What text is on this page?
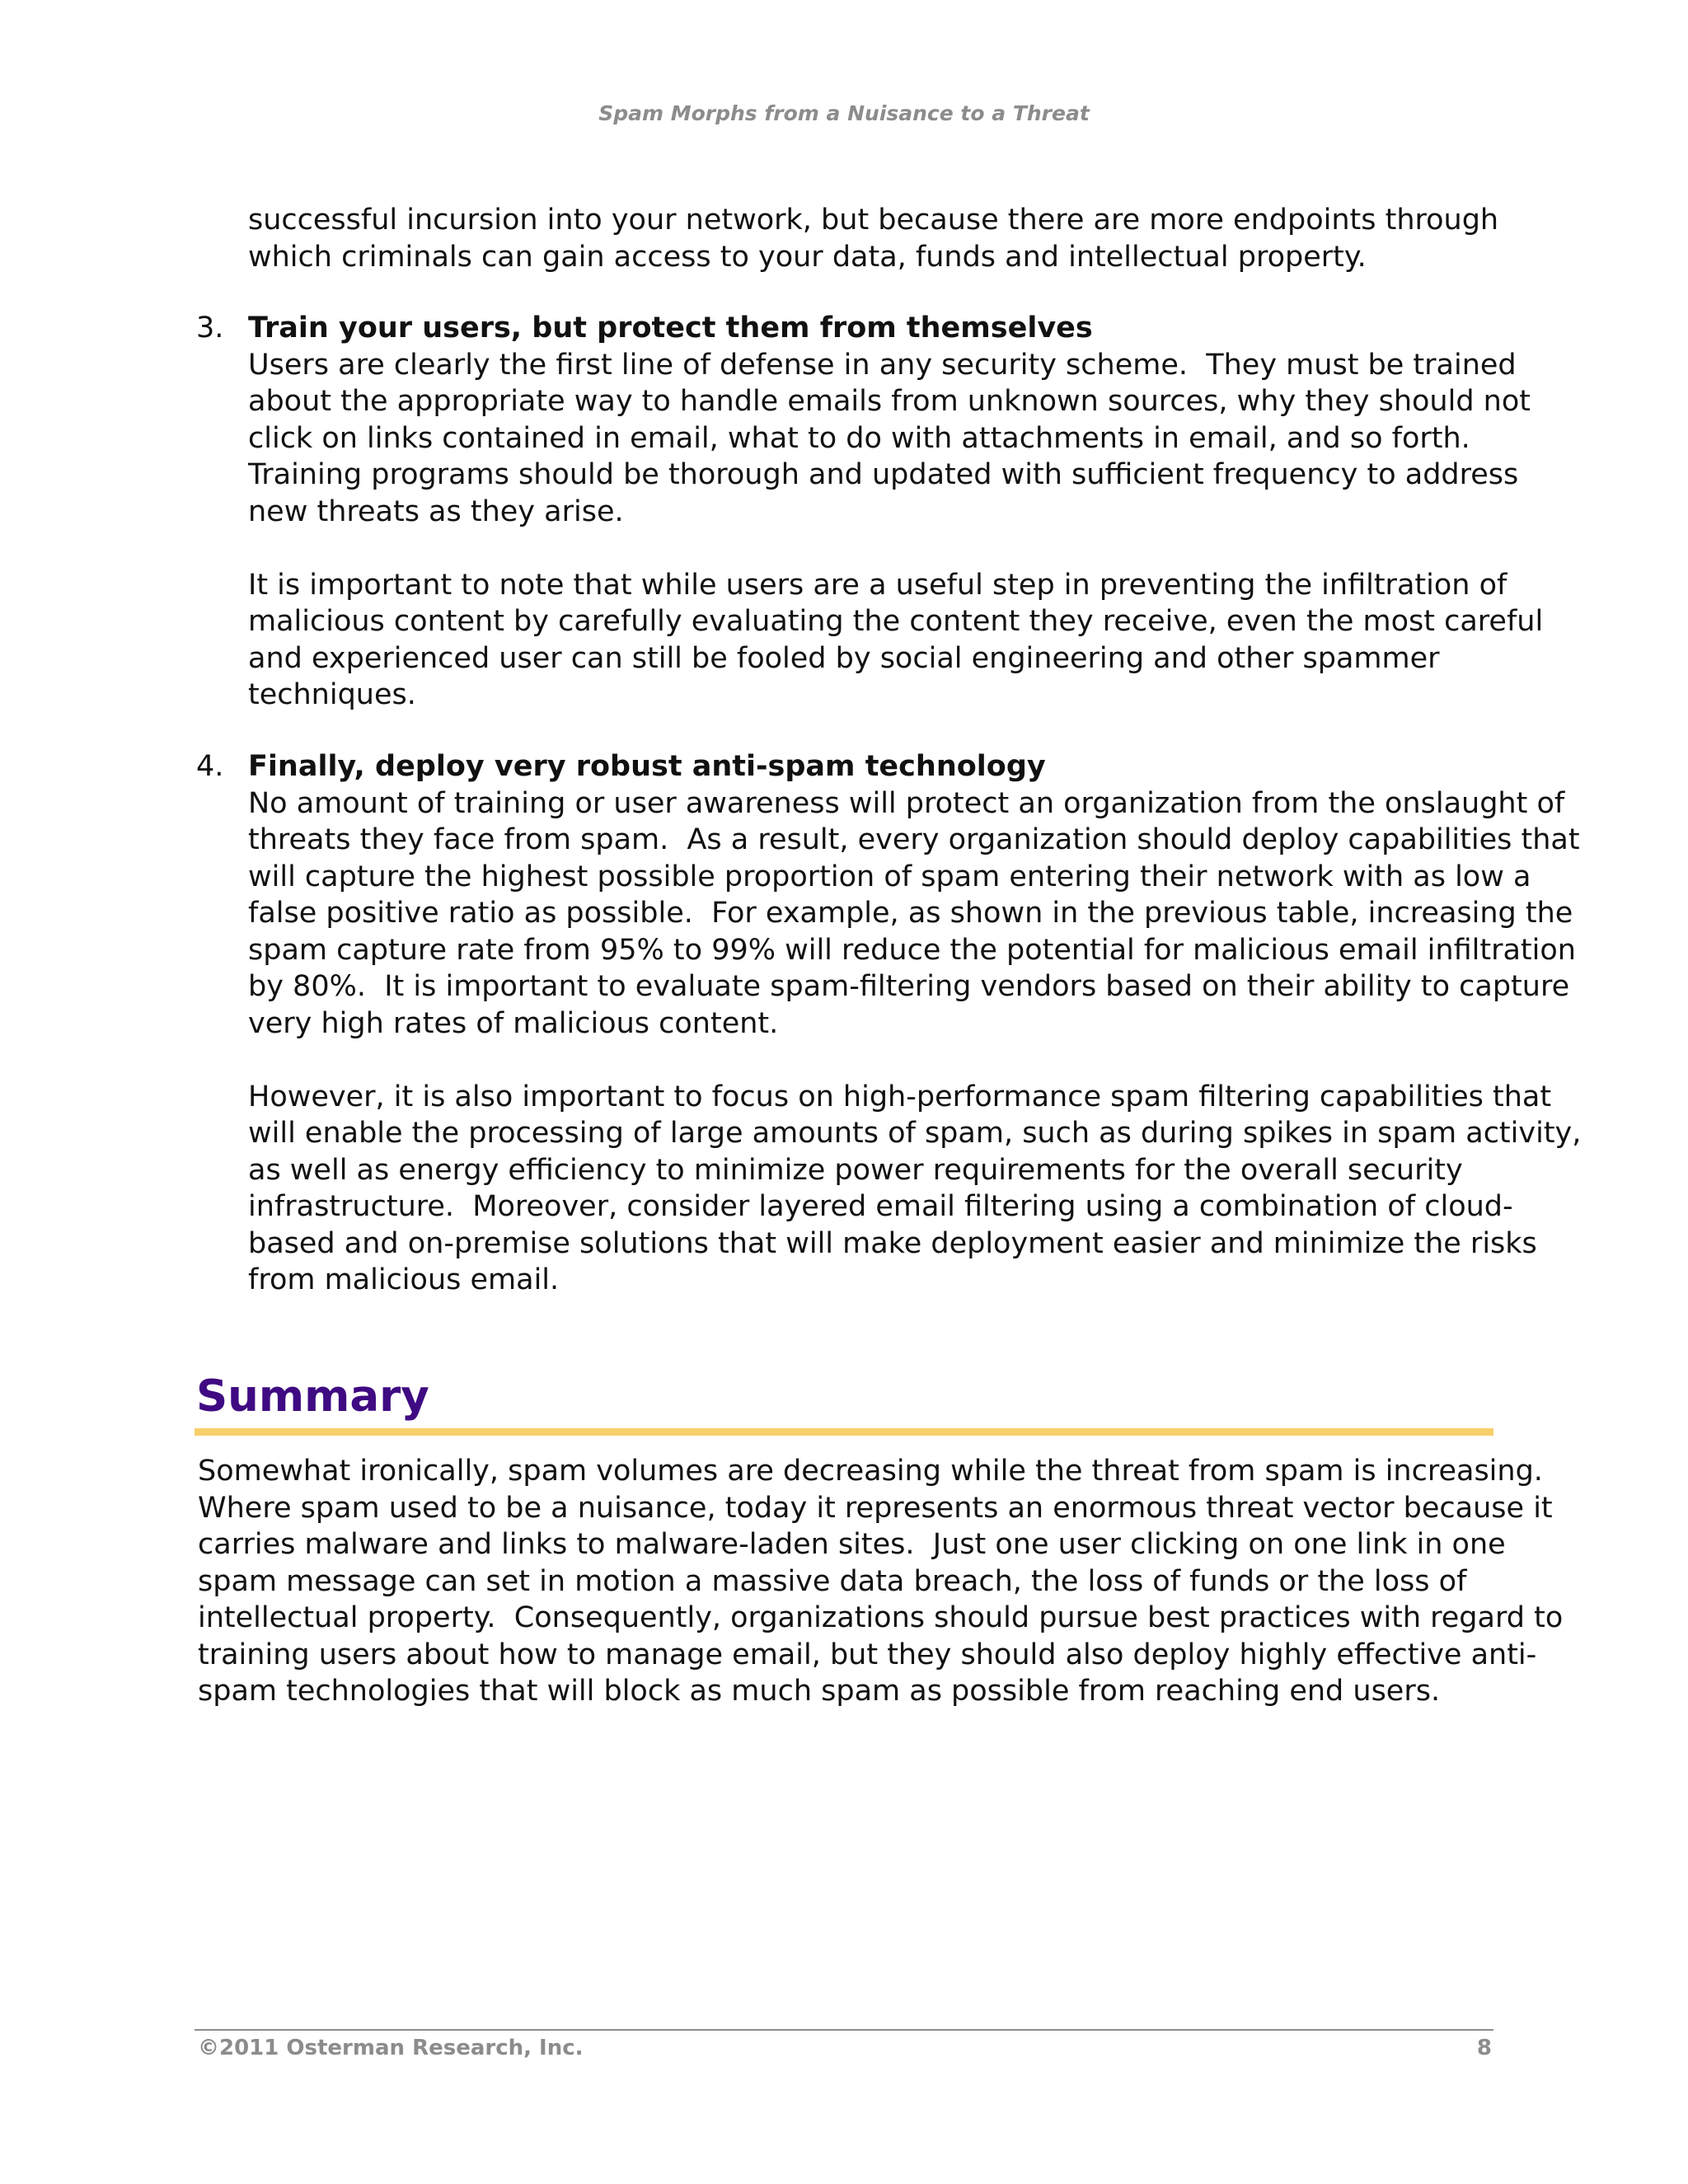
Spam Morphs from a Nuisance to a Threat
successful incursion into your network, but because there are more endpoints through
which criminals can gain access to your data, funds and intellectual property.
3. Train your users, but protect them from themselves
Users are clearly the first line of defense in any security scheme.  They must be trained
about the appropriate way to handle emails from unknown sources, why they should not
click on links contained in email, what to do with attachments in email, and so forth.
Training programs should be thorough and updated with sufficient frequency to address
new threats as they arise.
It is important to note that while users are a useful step in preventing the infiltration of
malicious content by carefully evaluating the content they receive, even the most careful
and experienced user can still be fooled by social engineering and other spammer
techniques.
4. Finally, deploy very robust anti-spam technology
No amount of training or user awareness will protect an organization from the onslaught of
threats they face from spam.  As a result, every organization should deploy capabilities that
will capture the highest possible proportion of spam entering their network with as low a
false positive ratio as possible.  For example, as shown in the previous table, increasing the
spam capture rate from 95% to 99% will reduce the potential for malicious email infiltration
by 80%.  It is important to evaluate spam-filtering vendors based on their ability to capture
very high rates of malicious content.
However, it is also important to focus on high-performance spam filtering capabilities that
will enable the processing of large amounts of spam, such as during spikes in spam activity,
as well as energy efficiency to minimize power requirements for the overall security
infrastructure.  Moreover, consider layered email filtering using a combination of cloud-
based and on-premise solutions that will make deployment easier and minimize the risks
from malicious email.
Summary
Somewhat ironically, spam volumes are decreasing while the threat from spam is increasing.
Where spam used to be a nuisance, today it represents an enormous threat vector because it
carries malware and links to malware-laden sites.  Just one user clicking on one link in one
spam message can set in motion a massive data breach, the loss of funds or the loss of
intellectual property.  Consequently, organizations should pursue best practices with regard to
training users about how to manage email, but they should also deploy highly effective anti-
spam technologies that will block as much spam as possible from reaching end users.
©2011 Osterman Research, Inc.	8
